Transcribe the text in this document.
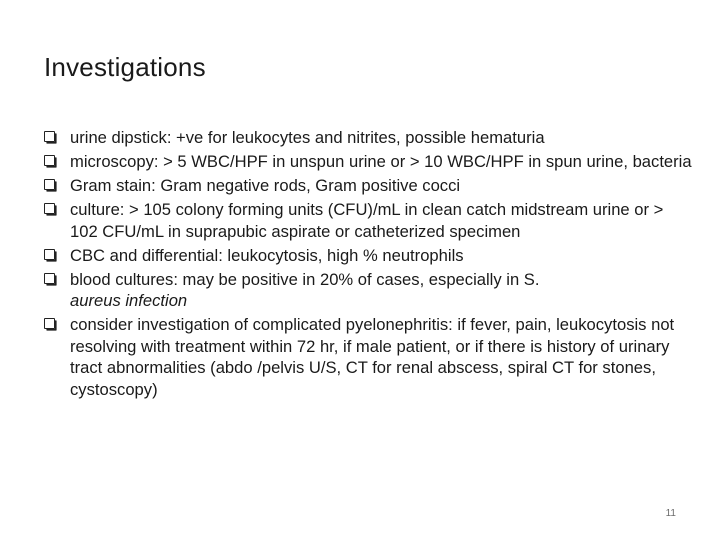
Investigations
urine dipstick: +ve for leukocytes and nitrites, possible hematuria
microscopy: > 5 WBC/HPF in unspun urine or > 10 WBC/HPF in spun urine, bacteria
Gram stain: Gram negative rods, Gram positive cocci
culture: > 105 colony forming units (CFU)/mL in clean catch midstream urine or > 102 CFU/mL in suprapubic aspirate or catheterized specimen
CBC and differential: leukocytosis, high % neutrophils
blood cultures: may be positive in 20% of cases, especially in S.
aureus infection
consider investigation of complicated pyelonephritis: if fever, pain, leukocytosis not resolving with treatment within 72 hr, if male patient, or if there is history of urinary tract abnormalities (abdo /pelvis U/S, CT for renal abscess, spiral CT for stones, cystoscopy)
11
